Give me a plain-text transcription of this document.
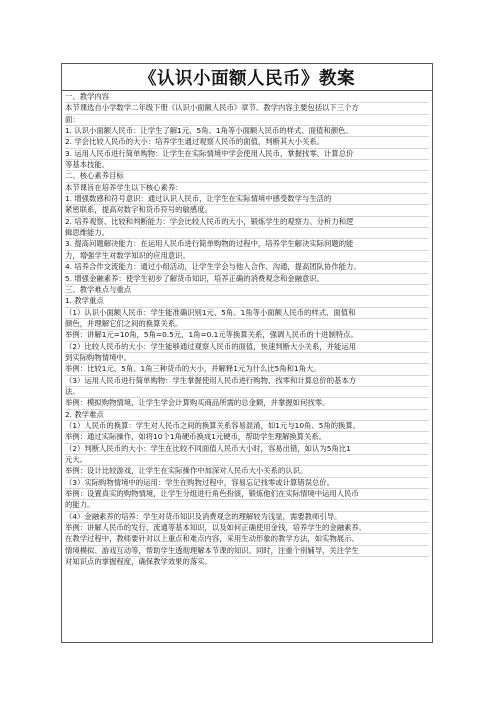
《认识小面额人民币》教案
一、教学内容
本节课选自小学数学二年级下册《认识小面额人民币》章节。教学内容主要包括以下三个方
面：
1. 认识小面额人民币：让学生了解1元、5角、1角等小面额人民币的样式、面值和颜色。
2. 学会比较人民币的大小：培养学生通过观察人民币的面值，判断其大小关系。
3. 运用人民币进行简单购物：让学生在实际情境中学会使用人民币，掌握找零、计算总价
等基本技能。
二、核心素养目标
本节课旨在培养学生以下核心素养：
1. 增强数感和符号意识：通过认识人民币，让学生在实际情境中感受数学与生活的
紧密联系，提高对数字和货币符号的敏感度。
2. 培养观察、比较和判断能力：学会比较人民币的大小，锻炼学生的观察力、分析力和逻
辑思维能力。
3. 提高问题解决能力：在运用人民币进行简单购物的过程中，培养学生解决实际问题的能
力，增强学生对数学知识的应用意识。
4. 培养合作交流能力：通过小组活动，让学生学会与他人合作、沟通，提高团队协作能力。
5. 增强金融素养：使学生初步了解货币知识，培养正确的消费观念和金融意识。
三、教学难点与重点
1. 教学重点
（1）认识小面额人民币：学生能准确识别1元、5角、1角等小面额人民币的样式、面值和
颜色，并理解它们之间的换算关系。
举例：讲解1元=10角，5角=0.5元，1角=0.1元等换算关系，强调人民币的十进制特点。
（2）比较人民币的大小：学生能够通过观察人民币的面值，快速判断大小关系，并能运用
到实际购物情境中。
举例：比较1元、5角、1角三种货币的大小，并解释1元为什么比5角和1角大。
（3）运用人民币进行简单购物：学生掌握使用人民币进行购物、找零和计算总价的基本方
法。
举例：模拟购物情境，让学生学会计算购买商品所需的总金额，并掌握如何找零。
2. 教学难点
（1）人民币的换算：学生对人民币之间的换算关系容易混淆，如1元与10角、5角的换算。
举例：通过实际操作，如将10个1角硬币换成1元硬币，帮助学生理解换算关系。
（2）判断人民币的大小：学生在比较不同面值人民币大小时，容易出错，如认为5角比1
元大。
举例：设计比较游戏，让学生在实际操作中加深对人民币大小关系的认识。
（3）实际购物情境中的运用：学生在购物过程中，容易忘记找零或计算错误总价。
举例：设置真实的购物情境，让学生分组进行角色扮演，锻炼他们在实际情境中运用人民币
的能力。
（4）金融素养的培养：学生对货币知识及消费观念的理解较为浅显，需要教师引导。
举例：讲解人民币的发行、流通等基本知识，以及如何正确使用金钱，培养学生的金融素养。
在教学过程中，教师要针对以上重点和难点内容，采用生动形象的教学方法，如实物展示、
情境模拟、游戏互动等，帮助学生透彻理解本节课的知识。同时，注重个别辅导，关注学生
对知识点的掌握程度，确保教学效果的落实。
